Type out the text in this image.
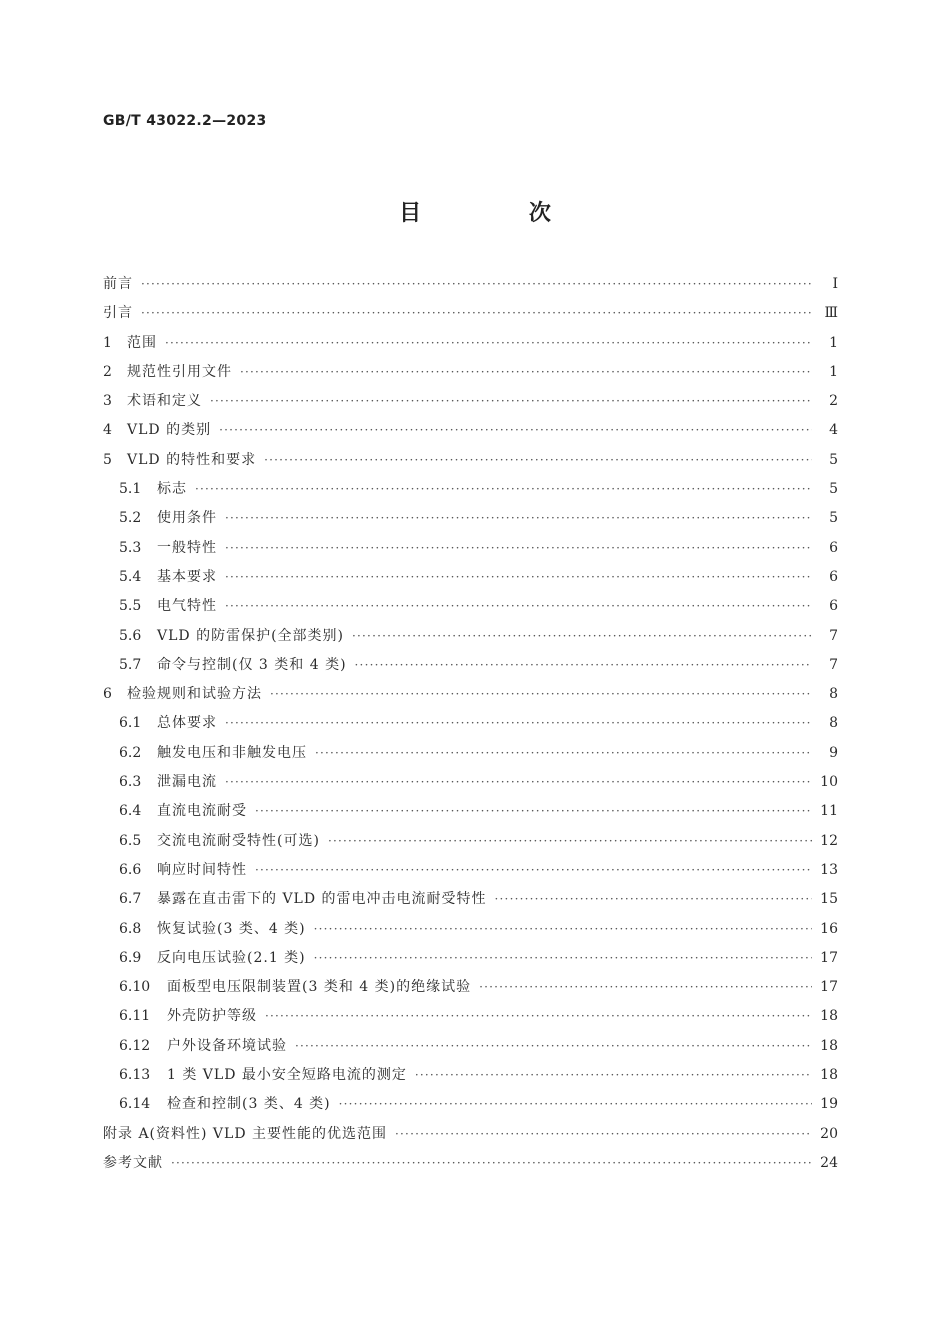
GB/T 43022.2—2023
目 次
前言 ·····	Ⅰ
引言 ·····	Ⅲ
1	范围 ·····	1
2	规范性引用文件 ·····	1
3	术语和定义 ·····	2
4	VLD 的类别 ·····	4
5	VLD 的特性和要求 ·····	5
5.1	标志 ·····	5
5.2	使用条件 ·····	5
5.3	一般特性 ·····	6
5.4	基本要求 ·····	6
5.5	电气特性 ·····	6
5.6	VLD 的防雷保护(全部类别) ·····	7
5.7	命令与控制(仅 3 类和 4 类) ·····	7
6	检验规则和试验方法 ·····	8
6.1	总体要求 ·····	8
6.2	触发电压和非触发电压 ·····	9
6.3	泄漏电流 ·····	10
6.4	直流电流耐受 ·····	11
6.5	交流电流耐受特性(可选) ·····	12
6.6	响应时间特性 ·····	13
6.7	暴露在直击雷下的 VLD 的雷电冲击电流耐受特性 ·····	15
6.8	恢复试验(3 类、4 类) ·····	16
6.9	反向电压试验(2.1 类) ·····	17
6.10	面板型电压限制装置(3 类和 4 类)的绝缘试验 ·····	17
6.11	外壳防护等级 ·····	18
6.12	户外设备环境试验 ·····	18
6.13	1 类 VLD 最小安全短路电流的测定 ·····	18
6.14	检查和控制(3 类、4 类) ·····	19
附录 A(资料性) VLD 主要性能的优选范围 ·····	20
参考文献 ·····	24
